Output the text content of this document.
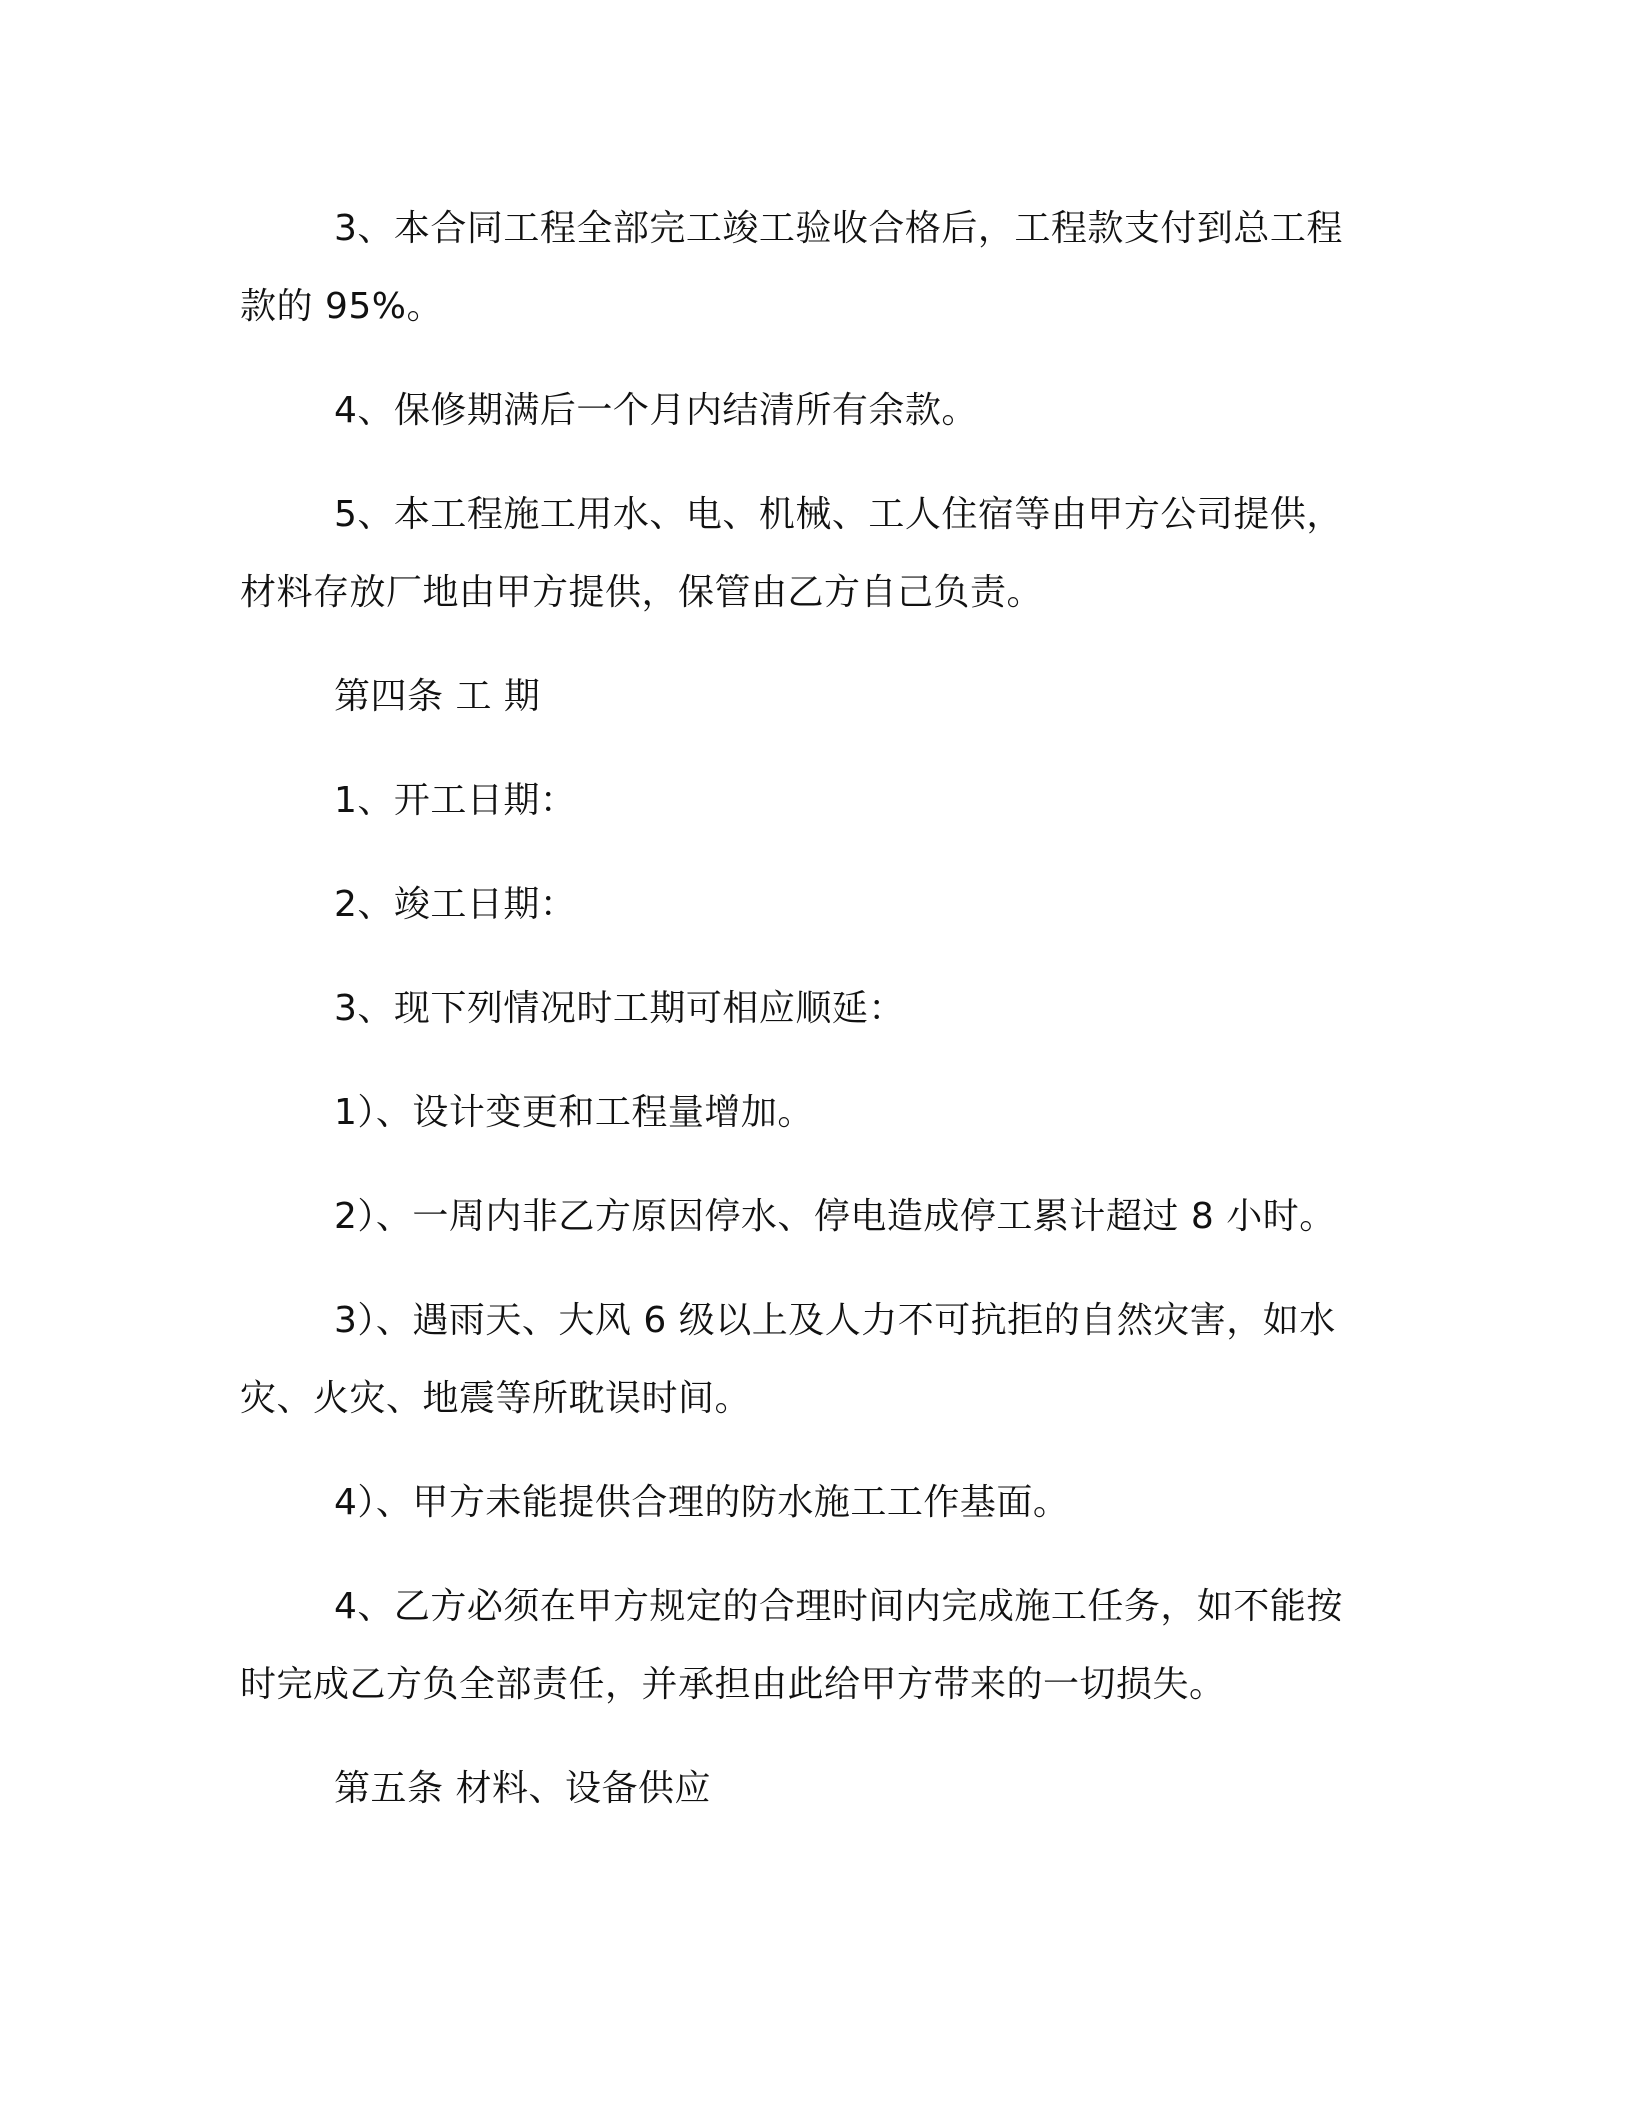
3、本合同工程全部完工竣工验收合格后，工程款支付到总工程款的 95%。

4、保修期满后一个月内结清所有余款。

5、本工程施工用水、电、机械、工人住宿等由甲方公司提供，材料存放厂地由甲方提供，保管由乙方自己负责。

第四条 工 期

1、开工日期：

2、竣工日期：

3、现下列情况时工期可相应顺延：

1）、设计变更和工程量增加。

2）、一周内非乙方原因停水、停电造成停工累计超过 8 小时。

3）、遇雨天、大风 6 级以上及人力不可抗拒的自然灾害，如水灾、火灾、地震等所耽误时间。

4）、甲方未能提供合理的防水施工工作基面。

4、乙方必须在甲方规定的合理时间内完成施工任务，如不能按时完成乙方负全部责任，并承担由此给甲方带来的一切损失。

第五条 材料、设备供应
